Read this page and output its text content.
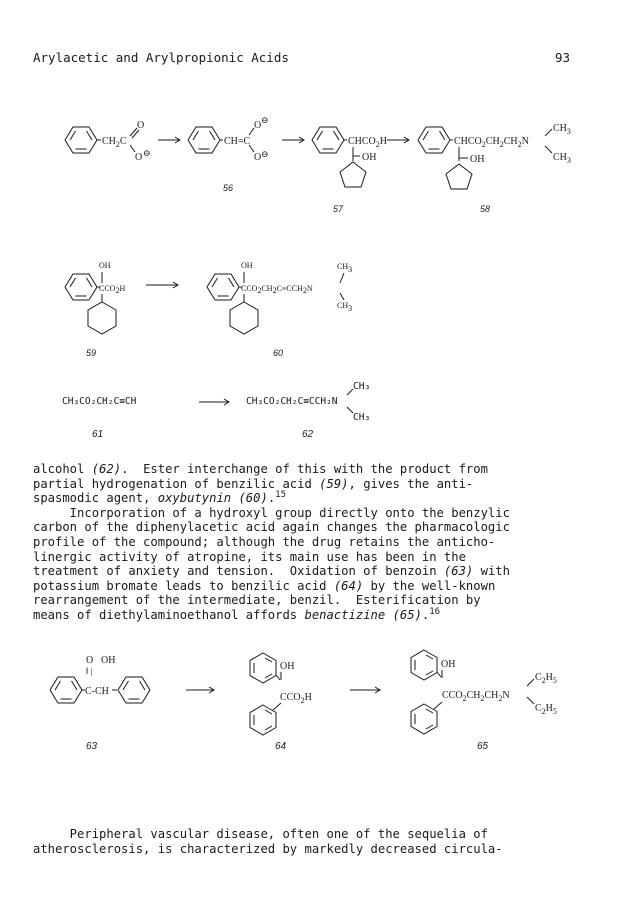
Arylacetic and Arylpropionic Acids	93
$CH_2C$
O
O ⊖
CH=C
O ⊖
O ⊖
56
$CHCO_2H$
OH
57
$CHCO_2CH_2CH_2N$
$CH_3$
$CH_3$
OH
58
OH
CCO2H
59
OH
CCO2CH2C≡CCH2N
CH3
CH3
60
CH₃CO₂CH₂C≡CH
61
CH₃CO₂CH₂C≡CCH₂N
CH₃
CH₃
62
O OH
‖ |
C-CH
63
OH
$CCO_2H$
64
OH
$CCO_2CH_2CH_2N$
$C_2H_5$
$C_2H_5$
65
alcohol (62).  Ester interchange of this with the product from
partial hydrogenation of benzilic acid (59), gives the anti-
spasmodic agent, oxybutynin (60).$^{15}$
Incorporation of a hydroxyl group directly onto the benzylic
carbon of the diphenylacetic acid again changes the pharmacologic
profile of the compound; although the drug retains the anticho-
linergic activity of atropine, its main use has been in the
treatment of anxiety and tension.  Oxidation of benzoin (63) with
potassium bromate leads to benzilic acid (64) by the well-known
rearrangement of the intermediate, benzil.  Esterification by
means of diethylaminoethanol affords benactizine (65).$^{16}$
Peripheral vascular disease, often one of the sequelia of
atherosclerosis, is characterized by markedly decreased circula-
